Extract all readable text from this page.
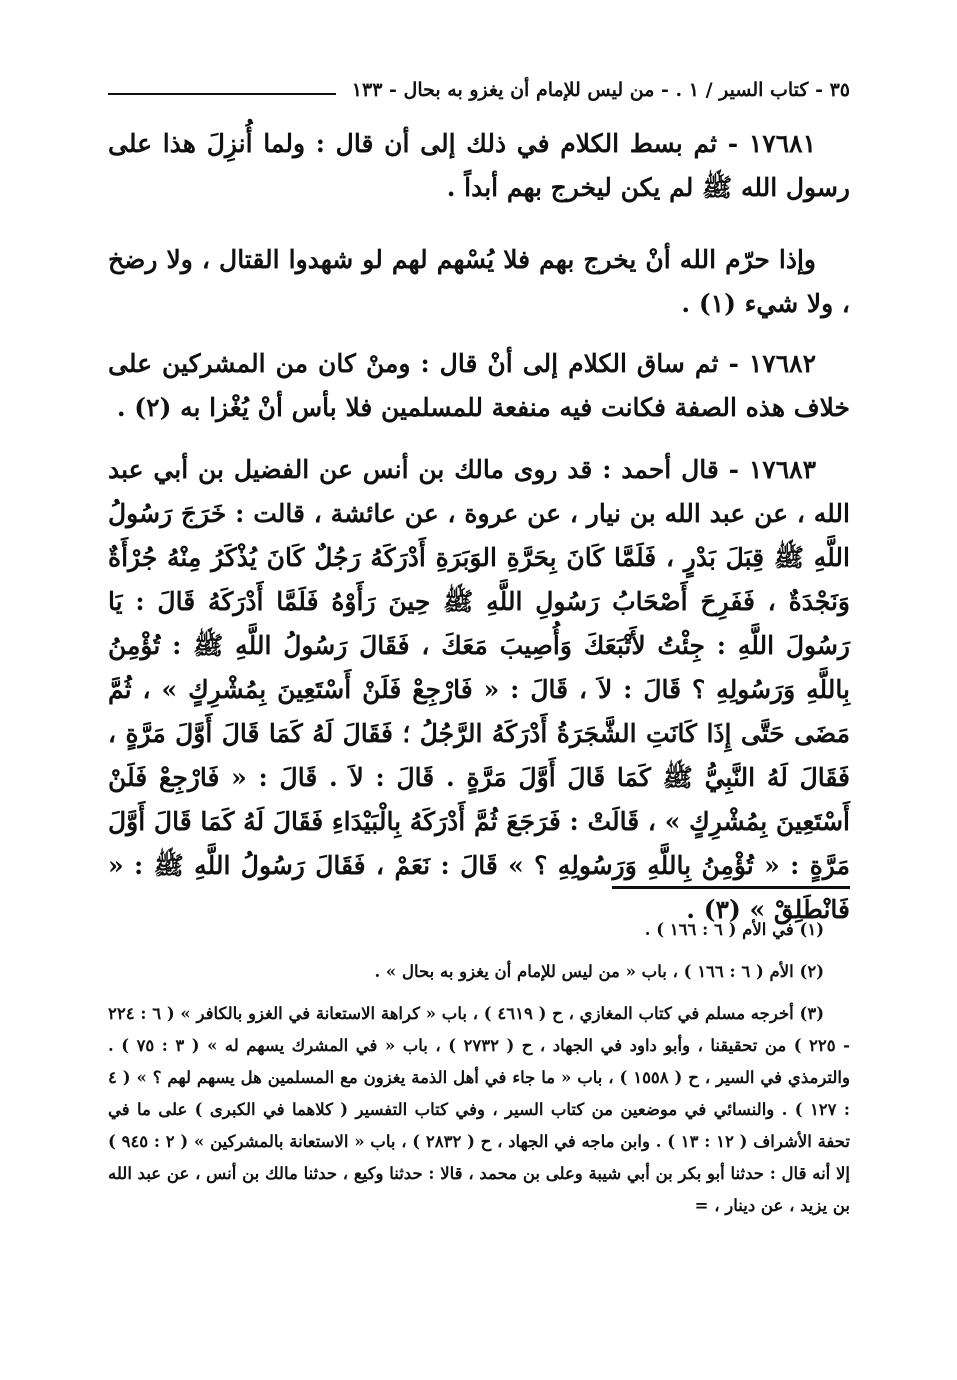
٣٥ - كتاب السير / ١ . - من ليس للإمام أن يغزو به بحال - ١٣٣

١٧٦٨١ - ثم بسط الكلام في ذلك إلى أن قال : ولما أُنزِلَ هذا على رسول الله ﷺ لم يكن ليخرج بهم أبداً .

وإذا حرّم الله أنْ يخرج بهم فلا يُسْهم لهم لو شهدوا القتال ، ولا رضخ ، ولا شيء (١) .

١٧٦٨٢ - ثم ساق الكلام إلى أنْ قال : ومنْ كان من المشركين على خلاف هذه الصفة فكانت فيه منفعة للمسلمين فلا بأس أنْ يُغْزا به (٢) .

١٧٦٨٣ - قال أحمد : قد روى مالك بن أنس عن الفضيل بن أبي عبد الله ، عن عبد الله بن نيار ، عن عروة ، عن عائشة ، قالت : خَرَجَ رَسُولُ اللَّهِ ﷺ قِبَلَ بَدْرٍ ، فَلَمَّا كَانَ بِحَرَّةِ الوَبَرَةِ أَدْرَكَهُ رَجُلٌ كَانَ يُذْكَرُ مِنْهُ جُرْأَةٌ وَنَجْدَةٌ ، فَفَرِحَ أَصْحَابُ رَسُولِ اللَّهِ ﷺ حِينَ رَأَوْهُ فَلَمَّا أَدْرَكَهُ قَالَ : يَا رَسُولَ اللَّهِ : جِئْتُ لأَتْبَعَكَ وَأُصِيبَ مَعَكَ ، فَقَالَ رَسُولُ اللَّهِ ﷺ : تُؤْمِنُ بِاللَّهِ وَرَسُولِهِ ؟ قَالَ : لاَ ، قَالَ : « فَارْجِعْ فَلَنْ أَسْتَعِينَ بِمُشْرِكٍ » ، ثُمَّ مَضَى حَتَّى إِذَا كَانَتِ الشَّجَرَةُ أَدْرَكَهُ الرَّجُلُ ؛ فَقَالَ لَهُ كَمَا قَالَ أَوَّلَ مَرَّةٍ ، فَقَالَ لَهُ النَّبِيُّ ﷺ كَمَا قَالَ أَوَّلَ مَرَّةٍ . قَالَ : لاَ . قَالَ : « فَارْجِعْ فَلَنْ أَسْتَعِينَ بِمُشْرِكٍ » ، قَالَتْ : فَرَجَعَ ثُمَّ أَدْرَكَهُ بِالْبَيْدَاءِ فَقَالَ لَهُ كَمَا قَالَ أَوَّلَ مَرَّةٍ : « تُؤْمِنُ بِاللَّهِ وَرَسُولِهِ ؟ » قَالَ : نَعَمْ ، فَقَالَ رَسُولُ اللَّهِ ﷺ : « فَانْطَلِقْ » (٣) .

(١) في الأم ( ٦ : ١٦٦ ) .

(٢) الأم ( ٦ : ١٦٦ ) ، باب « من ليس للإمام أن يغزو به بحال » .

(٣) أخرجه مسلم في كتاب المغازي ، ح ( ٤٦١٩ ) ، باب « كراهة الاستعانة في الغزو بالكافر » ( ٦ : ٢٢٤ - ٢٢٥ ) من تحقيقنا ، وأبو داود في الجهاد ، ح ( ٢٧٣٢ ) ، باب « في المشرك يسهم له » ( ٣ : ٧٥ ) . والترمذي في السير ، ح ( ١٥٥٨ ) ، باب « ما جاء في أهل الذمة يغزون مع المسلمين هل يسهم لهم ؟ » ( ٤ : ١٢٧ ) . والنسائي في موضعين من كتاب السير ، وفي كتاب التفسير ( كلاهما في الكبرى ) على ما في تحفة الأشراف ( ١٢ : ١٣ ) . وابن ماجه في الجهاد ، ح ( ٢٨٣٢ ) ، باب « الاستعانة بالمشركين » ( ٢ : ٩٤٥ ) إلا أنه قال : حدثنا أبو بكر بن أبي شيبة وعلى بن محمد ، قالا : حدثنا وكيع ، حدثنا مالك بن أنس ، عن عبد الله بن يزيد ، عن دينار ، =
